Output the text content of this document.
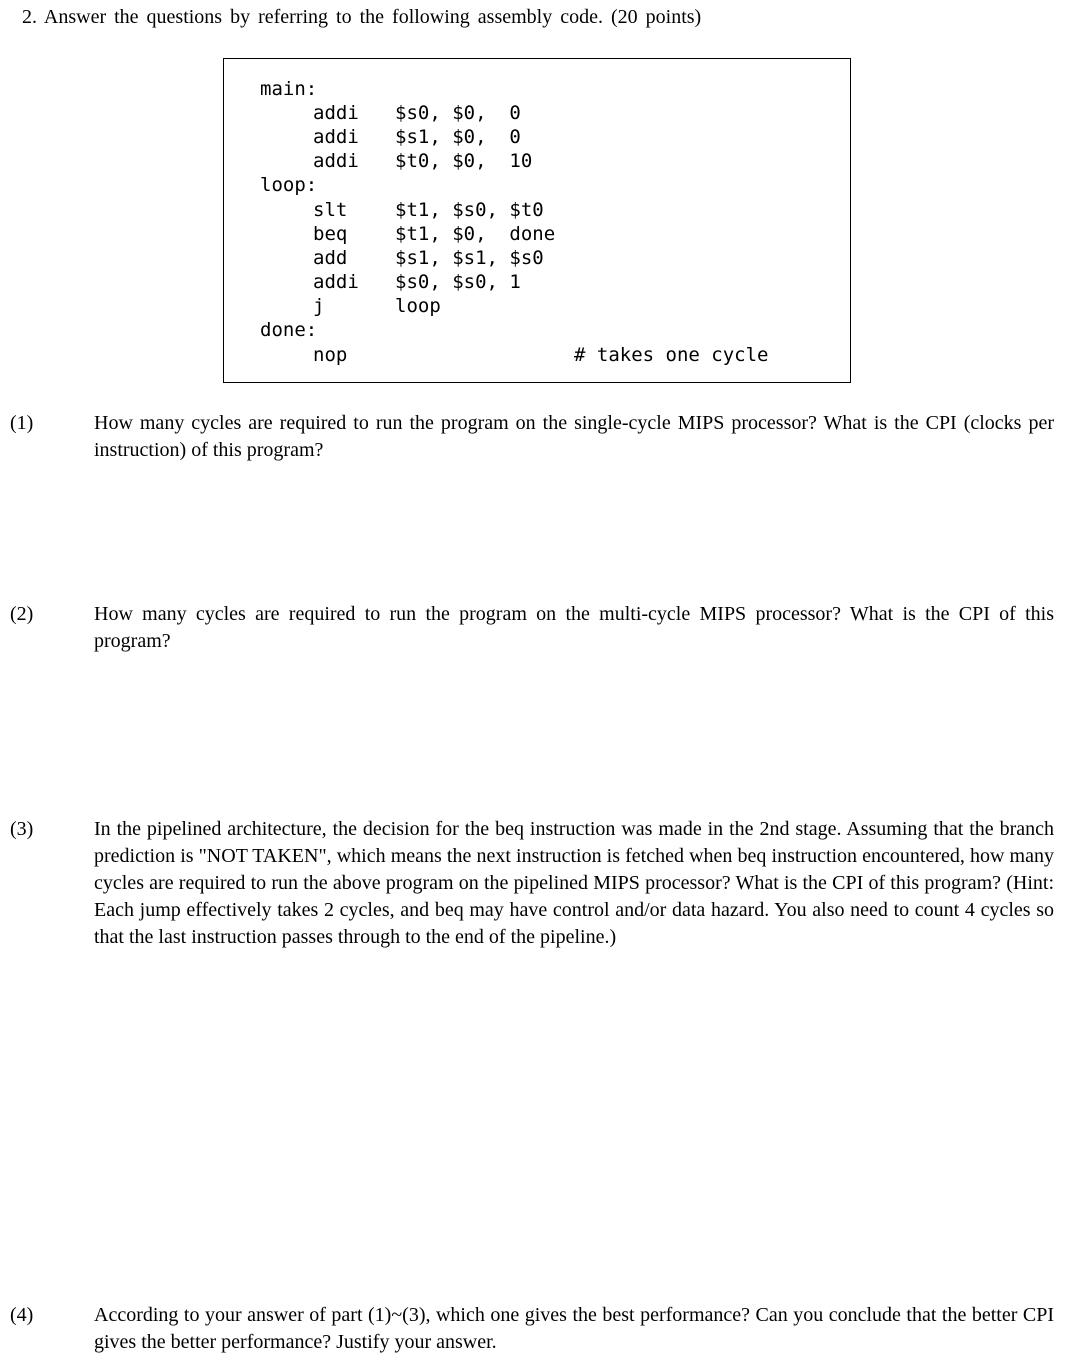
2. Answer the questions by referring to the following assembly code. (20 points)
main:
addi $s0, $0,  0
addi $s1, $0,  0
addi $t0, $0,  10
loop:
slt	$t1, $s0, $t0
beq	$t1, $0,  done
add	$s1, $s1, $s0
addi $s0, $s0, 1
j	loop
done:
nop	# takes one cycle
(1)	How many cycles are required to run the program on the single-cycle MIPS processor? What is the CPI (clocks per instruction) of this program?
(2)	How many cycles are required to run the program on the multi-cycle MIPS processor? What is the CPI of this program?
(3)	In the pipelined architecture, the decision for the beq instruction was made in the 2nd stage. Assuming that the branch prediction is "NOT TAKEN", which means the next instruction is fetched when beq instruction encountered, how many cycles are required to run the above program on the pipelined MIPS processor? What is the CPI of this program? (Hint: Each jump effectively takes 2 cycles, and beq may have control and/or data hazard. You also need to count 4 cycles so that the last instruction passes through to the end of the pipeline.)
(4)	According to your answer of part (1)~(3), which one gives the best performance? Can you conclude that the better CPI gives the better performance? Justify your answer.
